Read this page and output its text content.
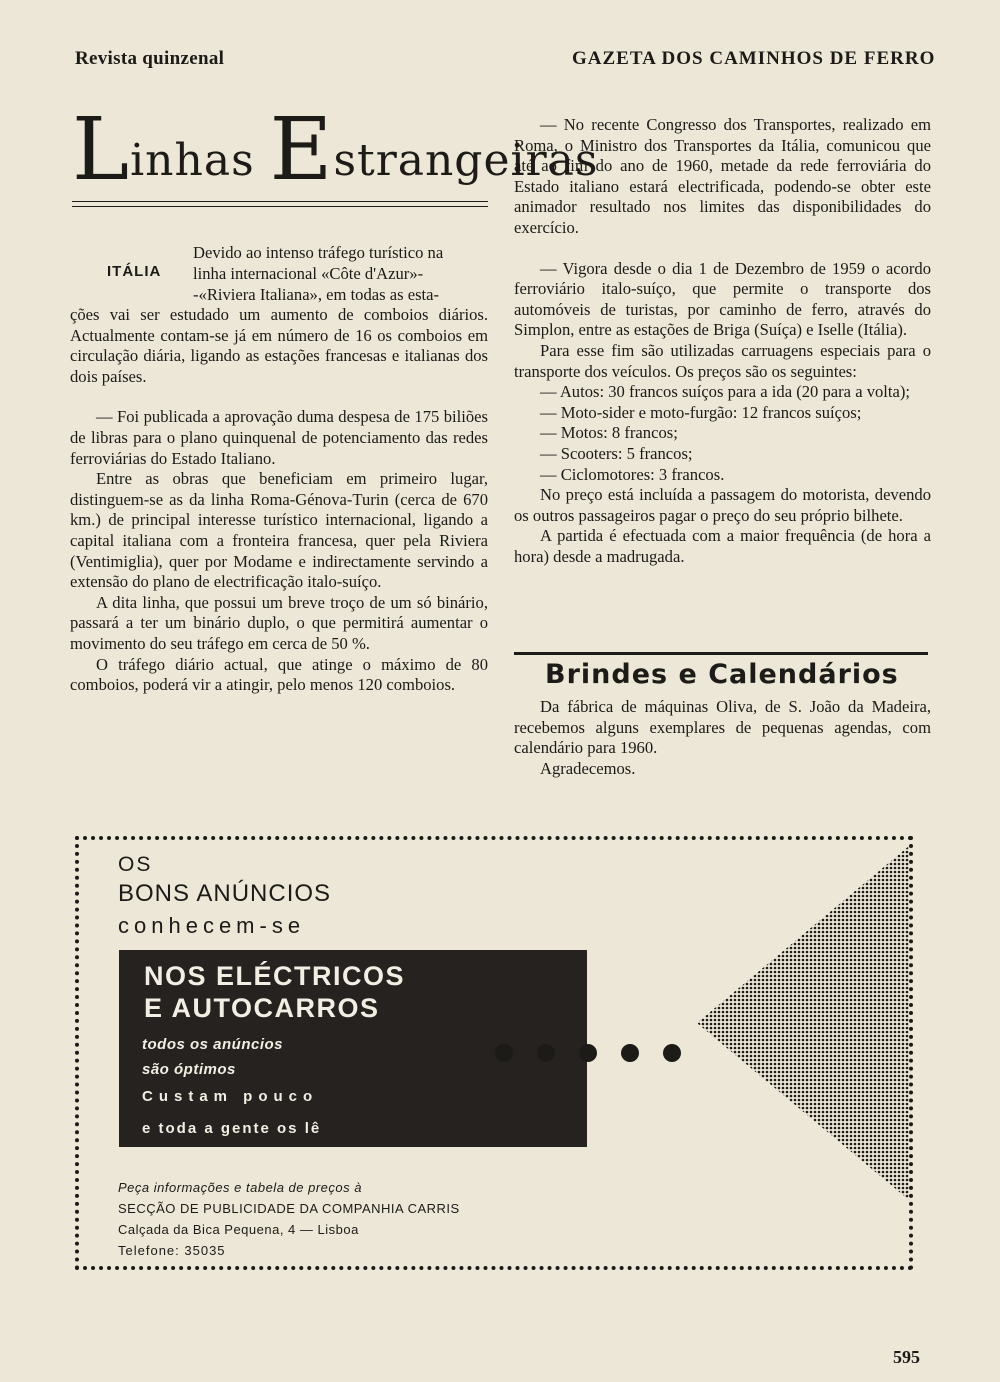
Revista quinzenal	GAZETA DOS CAMINHOS DE FERRO
Linhas Estrangeiras
ITÁLIA
Devido ao intenso tráfego turístico na
linha internacional «Côte d'Azur»-
-«Riviera Italiana», em todas as esta-

ções vai ser estudado um aumento de comboios diários. Actualmente contam-se já em número de 16 os comboios em circulação diária, ligando as estações francesas e italianas dos dois países.

— Foi publicada a aprovação duma despesa de 175 biliões de libras para o plano quinquenal de potenciamento das redes ferroviárias do Estado Italiano.

Entre as obras que beneficiam em primeiro lugar, distinguem-se as da linha Roma-Génova-Turin (cerca de 670 km.) de principal interesse turístico internacional, ligando a capital italiana com a fronteira francesa, quer pela Riviera (Ventimiglia), quer por Modame e indirectamente servindo a extensão do plano de electrificação italo-suíço.

A dita linha, que possui um breve troço de um só binário, passará a ter um binário duplo, o que permitirá aumentar o movimento do seu tráfego em cerca de 50 %.

O tráfego diário actual, que atinge o máximo de 80 comboios, poderá vir a atingir, pelo menos 120 comboios.

— No recente Congresso dos Transportes, realizado em Roma, o Ministro dos Transportes da Itália, comunicou que até ao fim do ano de 1960, metade da rede ferroviária do Estado italiano estará electrificada, podendo-se obter este animador resultado nos limites das disponibilidades do exercício.

— Vigora desde o dia 1 de Dezembro de 1959 o acordo ferroviário italo-suíço, que permite o transporte dos automóveis de turistas, por caminho de ferro, através do Simplon, entre as estações de Briga (Suíça) e Iselle (Itália).

Para esse fim são utilizadas carruagens especiais para o transporte dos veículos. Os preços são os seguintes:

— Autos: 30 francos suíços para a ida (20 para a volta);

— Moto-sider e moto-furgão: 12 francos suíços;

— Motos: 8 francos;

— Scooters: 5 francos;

— Ciclomotores: 3 francos.

No preço está incluída a passagem do motorista, devendo os outros passageiros pagar o preço do seu próprio bilhete.

A partida é efectuada com a maior frequência (de hora a hora) desde a madrugada.

Brindes e Calendários

Da fábrica de máquinas Oliva, de S. João da Madeira, recebemos alguns exemplares de pequenas agendas, com calendário para 1960.

Agradecemos.

OS
BONS ANÚNCIOS
conhecem-se
NOS ELÉCTRICOS
E AUTOCARROS
todos os anúncios
são óptimos
Custam pouco
e toda a gente os lê
Peça informações e tabela de preços à
SECÇÃO DE PUBLICIDADE DA COMPANHIA CARRIS
Calçada da Bica Pequena, 4 — Lisboa
Telefone: 35035
595
